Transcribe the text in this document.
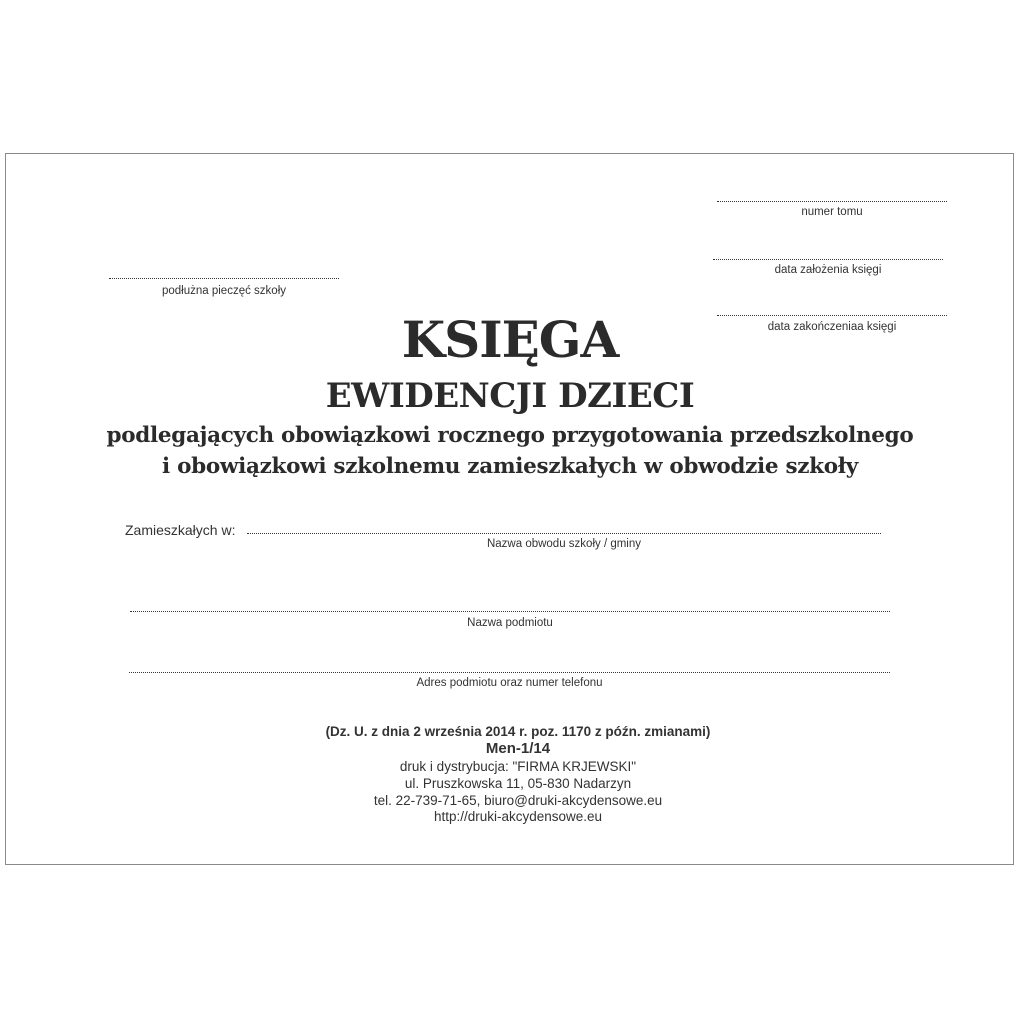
numer tomu
data założenia księgi
data zakończeniaa księgi
podłużna pieczęć szkoły
KSIĘGA
EWIDENCJI DZIECI
podlegających obowiązkowi rocznego przygotowania przedszkolnego
i obowiązkowi szkolnemu zamieszkałych w obwodzie szkoły
Zamieszkałych w:
Nazwa obwodu szkoły / gminy
Nazwa podmiotu
Adres podmiotu oraz numer telefonu
(Dz. U. z dnia 2 września 2014 r. poz. 1170 z późn. zmianami)
Men-1/14
druk i dystrybucja: "FIRMA KRJEWSKI"
ul. Pruszkowska 11, 05-830 Nadarzyn
tel. 22-739-71-65, biuro@druki-akcydensowe.eu
http://druki-akcydensowe.eu
